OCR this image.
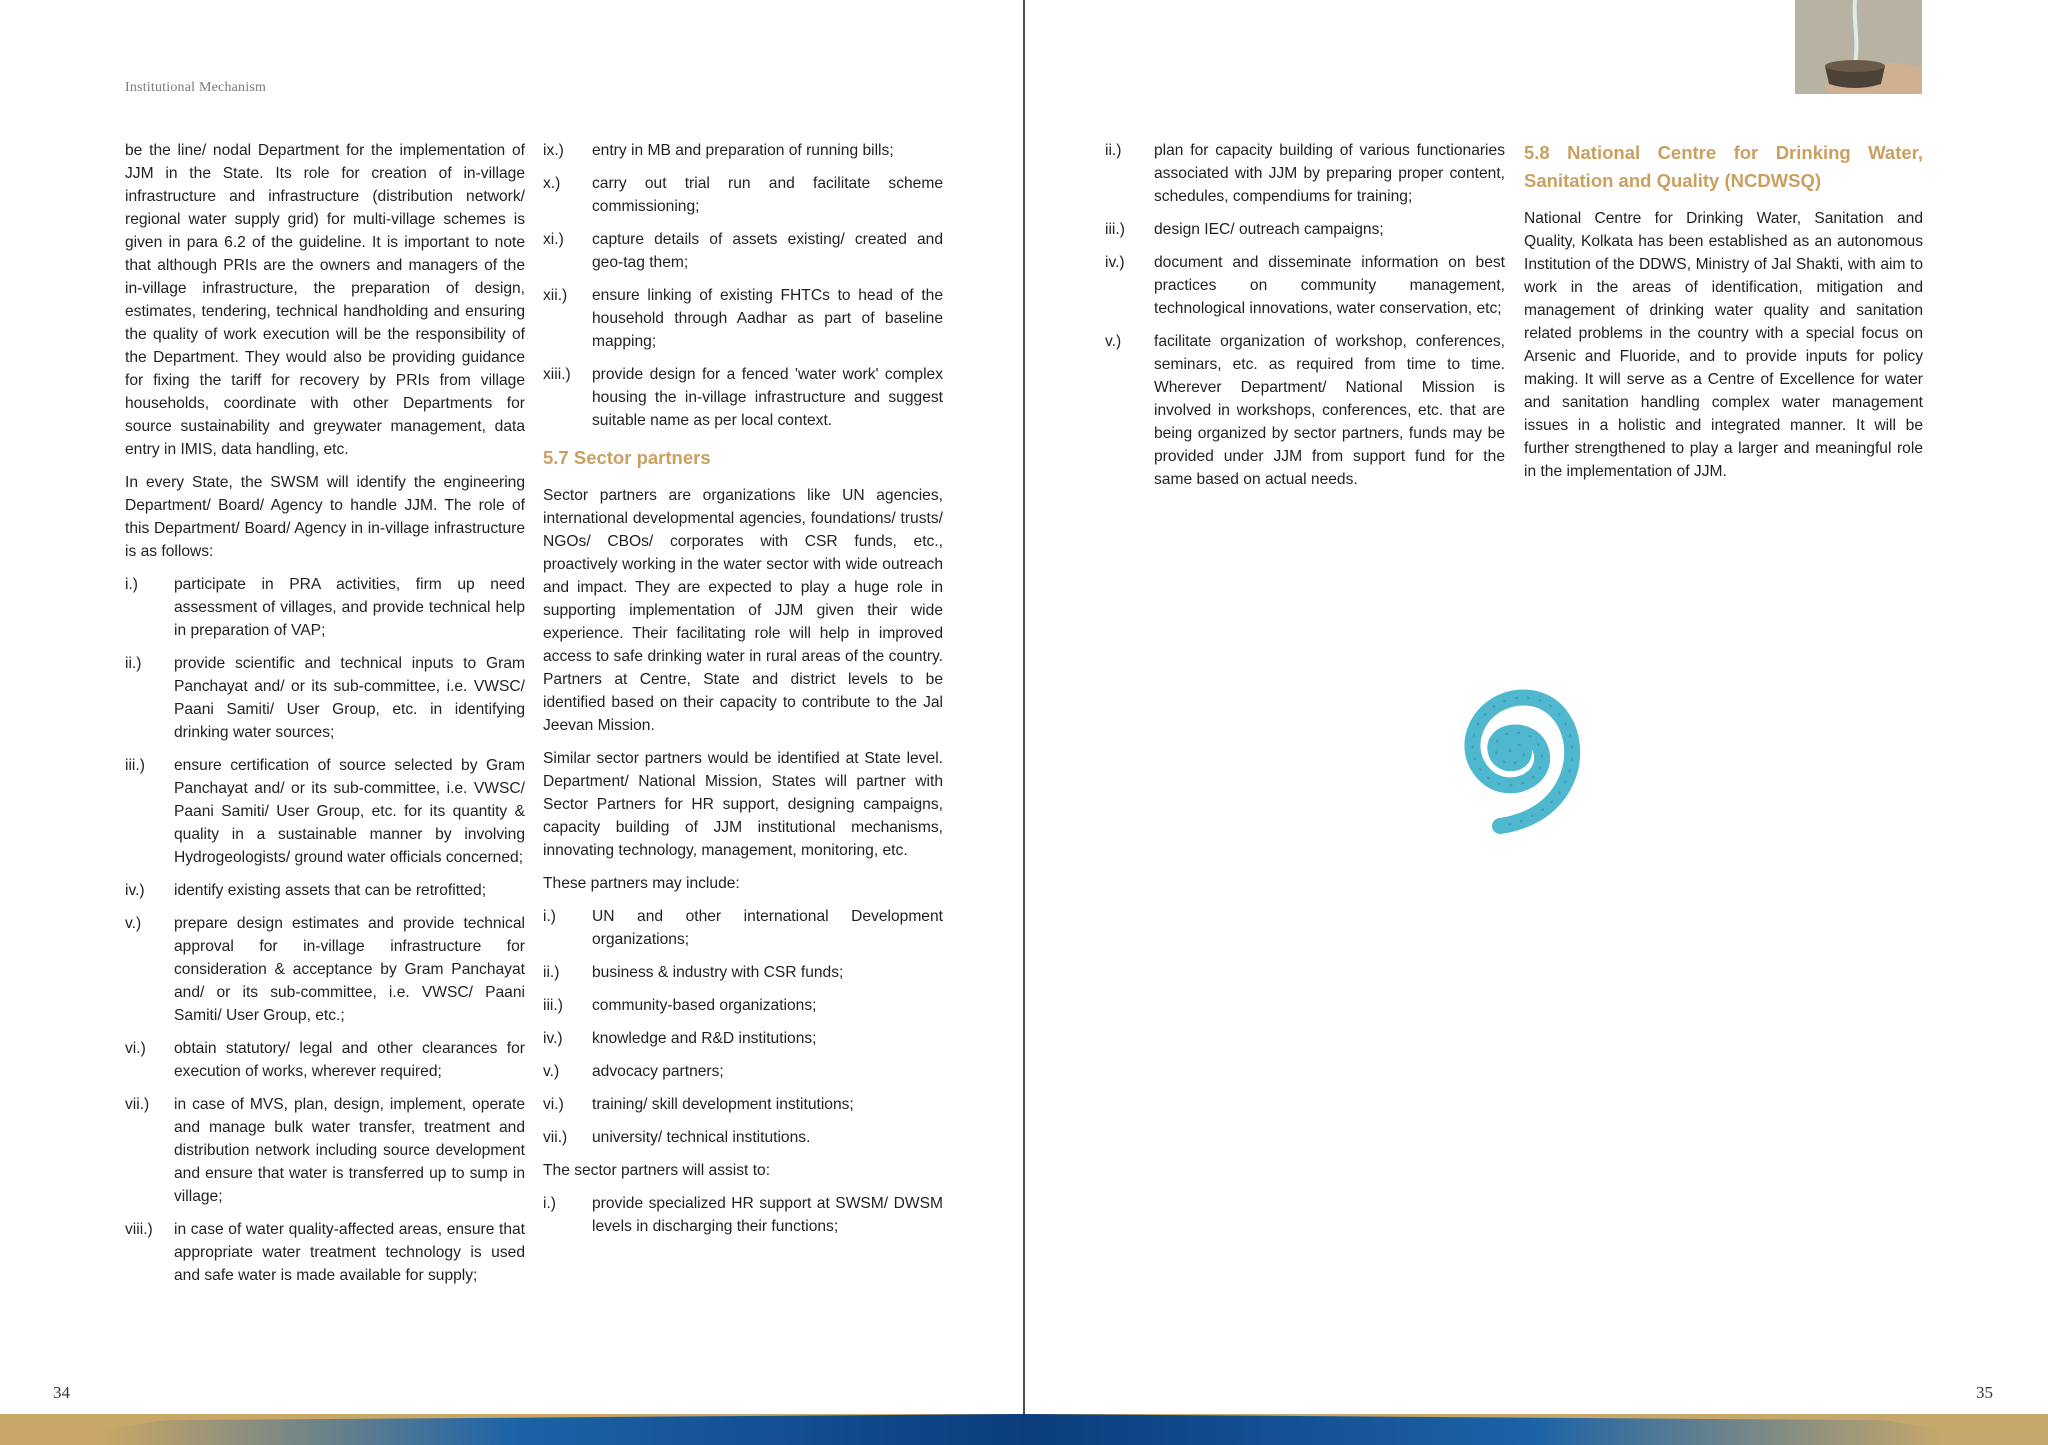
Institutional Mechanism

be the line/ nodal Department for the implementation of JJM in the State. Its role for creation of in-village infrastructure and infrastructure (distribution network/ regional water supply grid) for multi-village schemes is given in para 6.2 of the guideline. It is important to note that although PRIs are the owners and managers of the in-village infrastructure, the preparation of design, estimates, tendering, technical handholding and ensuring the quality of work execution will be the responsibility of the Department. They would also be providing guidance for fixing the tariff for recovery by PRIs from village households, coordinate with other Departments for source sustainability and greywater management, data entry in IMIS, data handling, etc.

In every State, the SWSM will identify the engineering Department/ Board/ Agency to handle JJM. The role of this Department/ Board/ Agency in in-village infrastructure is as follows:

i.)	participate in PRA activities, firm up need assessment of villages, and provide technical help in preparation of VAP;
ii.)	provide scientific and technical inputs to Gram Panchayat and/ or its sub-committee, i.e. VWSC/ Paani Samiti/ User Group, etc. in identifying drinking water sources;
iii.)	ensure certification of source selected by Gram Panchayat and/ or its sub-committee, i.e. VWSC/ Paani Samiti/ User Group, etc. for its quantity & quality in a sustainable manner by involving Hydrogeologists/ ground water officials concerned;
iv.)	identify existing assets that can be retrofitted;
v.)	prepare design estimates and provide technical approval for in-village infrastructure for consideration & acceptance by Gram Panchayat and/ or its sub-committee, i.e. VWSC/ Paani Samiti/ User Group, etc.;
vi.)	obtain statutory/ legal and other clearances for execution of works, wherever required;
vii.)	in case of MVS, plan, design, implement, operate and manage bulk water transfer, treatment and distribution network including source development and ensure that water is transferred up to sump in village;
viii.)	in case of water quality-affected areas, ensure that appropriate water treatment technology is used and safe water is made available for supply;
ix.)	entry in MB and preparation of running bills;
x.)	carry out trial run and facilitate scheme commissioning;
xi.)	capture details of assets existing/ created and geo-tag them;
xii.)	ensure linking of existing FHTCs to head of the household through Aadhar as part of baseline mapping;
xiii.)	provide design for a fenced 'water work' complex housing the in-village infrastructure and suggest suitable name as per local context.
5.7 Sector partners

Sector partners are organizations like UN agencies, international developmental agencies, foundations/ trusts/ NGOs/ CBOs/ corporates with CSR funds, etc., proactively working in the water sector with wide outreach and impact. They are expected to play a huge role in supporting implementation of JJM given their wide experience. Their facilitating role will help in improved access to safe drinking water in rural areas of the country. Partners at Centre, State and district levels to be identified based on their capacity to contribute to the Jal Jeevan Mission.

Similar sector partners would be identified at State level. Department/ National Mission, States will partner with Sector Partners for HR support, designing campaigns, capacity building of JJM institutional mechanisms, innovating technology, management, monitoring, etc.

These partners may include:

i.)	UN and other international Development organizations;
ii.)	business & industry with CSR funds;
iii.)	community-based organizations;
iv.)	knowledge and R&D institutions;
v.)	advocacy partners;
vi.)	training/ skill development institutions;
vii.)	university/ technical institutions.

The sector partners will assist to:

i.)	provide specialized HR support at SWSM/ DWSM levels in discharging their functions;
34	35
ii.)	plan for capacity building of various functionaries associated with JJM by preparing proper content, schedules, compendiums for training;
iii.)	design IEC/ outreach campaigns;
iv.)	document and disseminate information on best practices on community management, technological innovations, water conservation, etc;
v.)	facilitate organization of workshop, conferences, seminars, etc. as required from time to time. Wherever Department/ National Mission is involved in workshops, conferences, etc. that are being organized by sector partners, funds may be provided under JJM from support fund for the same based on actual needs.
5.8 National Centre for Drinking Water, Sanitation and Quality (NCDWSQ)

National Centre for Drinking Water, Sanitation and Quality, Kolkata has been established as an autonomous Institution of the DDWS, Ministry of Jal Shakti, with aim to work in the areas of identification, mitigation and management of drinking water quality and sanitation related problems in the country with a special focus on Arsenic and Fluoride, and to provide inputs for policy making. It will serve as a Centre of Excellence for water and sanitation handling complex water management issues in a holistic and integrated manner. It will be further strengthened to play a larger and meaningful role in the implementation of JJM.
